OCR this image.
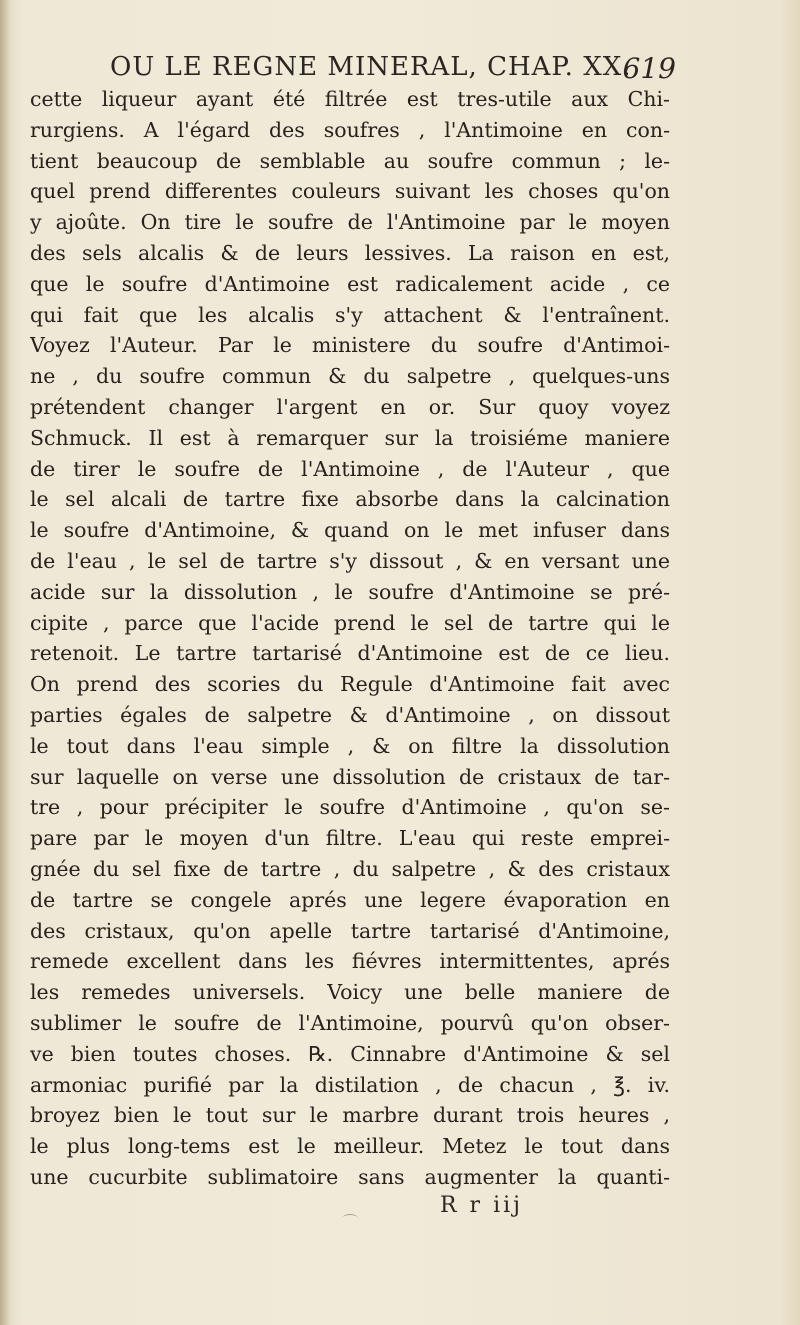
OU LE REGNE MINERAL, CHAP. XX.
619
cette liqueur ayant été filtrée est tres-utile aux Chi-
rurgiens. A l'égard des soufres , l'Antimoine en con-
tient beaucoup de semblable au soufre commun ; le-
quel prend differentes couleurs suivant les choses qu'on
y ajoûte. On tire le soufre de l'Antimoine par le moyen
des sels alcalis & de leurs lessives. La raison en est,
que le soufre d'Antimoine est radicalement acide , ce
qui fait que les alcalis s'y attachent & l'entraînent.
Voyez l'Auteur. Par le ministere du soufre d'Antimoi-
ne , du soufre commun & du salpetre , quelques-uns
prétendent changer l'argent en or. Sur quoy voyez
Schmuck. Il est à remarquer sur la troisiéme maniere
de tirer le soufre de l'Antimoine , de l'Auteur , que
le sel alcali de tartre fixe absorbe dans la calcination
le soufre d'Antimoine, & quand on le met infuser dans
de l'eau , le sel de tartre s'y dissout , & en versant une
acide sur la dissolution , le soufre d'Antimoine se pré-
cipite , parce que l'acide prend le sel de tartre qui le
retenoit. Le tartre tartarisé d'Antimoine est de ce lieu.
On prend des scories du Regule d'Antimoine fait avec
parties égales de salpetre & d'Antimoine , on dissout
le tout dans l'eau simple , & on filtre la dissolution
sur laquelle on verse une dissolution de cristaux de tar-
tre , pour précipiter le soufre d'Antimoine , qu'on se-
pare par le moyen d'un filtre. L'eau qui reste emprei-
gnée du sel fixe de tartre , du salpetre , & des cristaux
de tartre se congele aprés une legere évaporation en
des cristaux, qu'on apelle tartre tartarisé d'Antimoine,
remede excellent dans les fiévres intermittentes, aprés
les remedes universels. Voicy une belle maniere de
sublimer le soufre de l'Antimoine, pourvû qu'on obser-
ve bien toutes choses. ℞. Cinnabre d'Antimoine & sel
armoniac purifié par la distilation , de chacun , ℥. iv.
broyez bien le tout sur le marbre durant trois heures ,
le plus long-tems est le meilleur. Metez le tout dans
une cucurbite sublimatoire sans augmenter la quanti-
R r iij
